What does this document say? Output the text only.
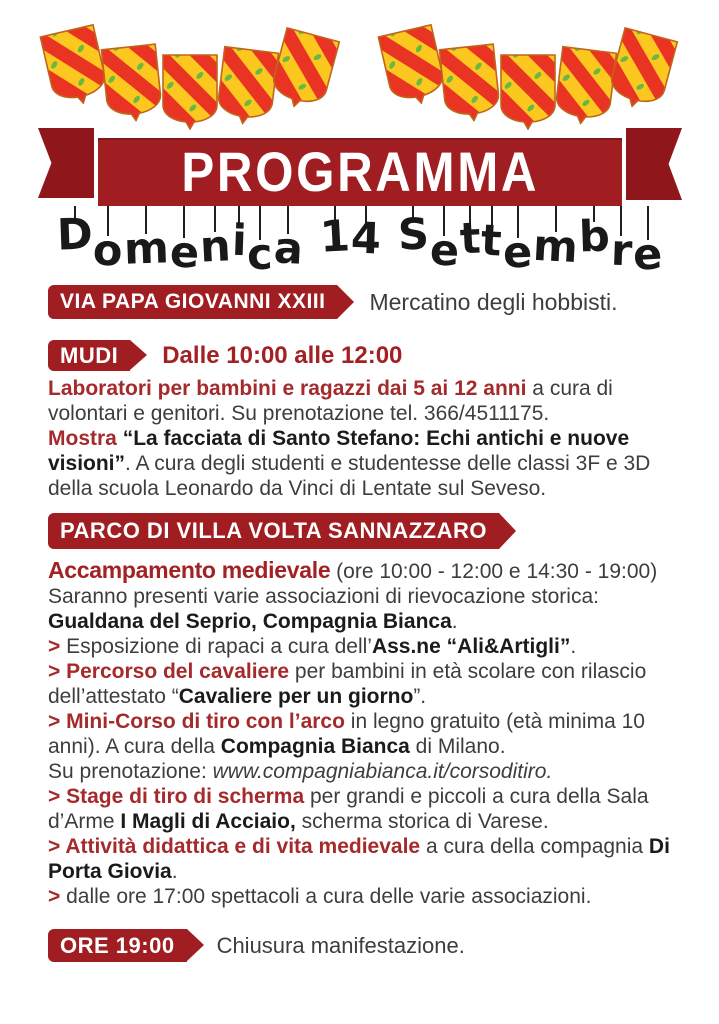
PROGRAMMA
D
o
m e
n
i c
a 1
4 S e
t
t
e
m
b r
e
VIA PAPA GIOVANNI XXIII Mercatino degli hobbisti.
MUDI Dalle 10:00 alle 12:00

Laboratori per bambini e ragazzi dai 5 ai 12 anni a cura di volontari e genitori. Su prenotazione tel. 366/4511175.

Mostra “La facciata di Santo Stefano: Echi antichi e nuove visioni”. A cura degli studenti e studentesse delle classi 3F e 3D della scuola Leonardo da Vinci di Lentate sul Seveso.

PARCO DI VILLA VOLTA SANNAZZARO

Accampamento medievale (ore 10:00 - 12:00 e 14:30 - 19:00)

Saranno presenti varie associazioni di rievocazione storica: Gualdana del Seprio, Compagnia Bianca.

> Esposizione di rapaci a cura dell’Ass.ne “Ali&Artigli”.

> Percorso del cavaliere per bambini in età scolare con rilascio dell’attestato “Cavaliere per un giorno”.

> Mini-Corso di tiro con l’arco in legno gratuito (età minima 10 anni). A cura della Compagnia Bianca di Milano.

Su prenotazione: www.compagniabianca.it/corsoditiro.

> Stage di tiro di scherma per grandi e piccoli a cura della Sala d’Arme I Magli di Acciaio, scherma storica di Varese.

> Attività didattica e di vita medievale a cura della compagnia Di Porta Giovia.

> dalle ore 17:00 spettacoli a cura delle varie associazioni.

ORE 19:00 Chiusura manifestazione.
